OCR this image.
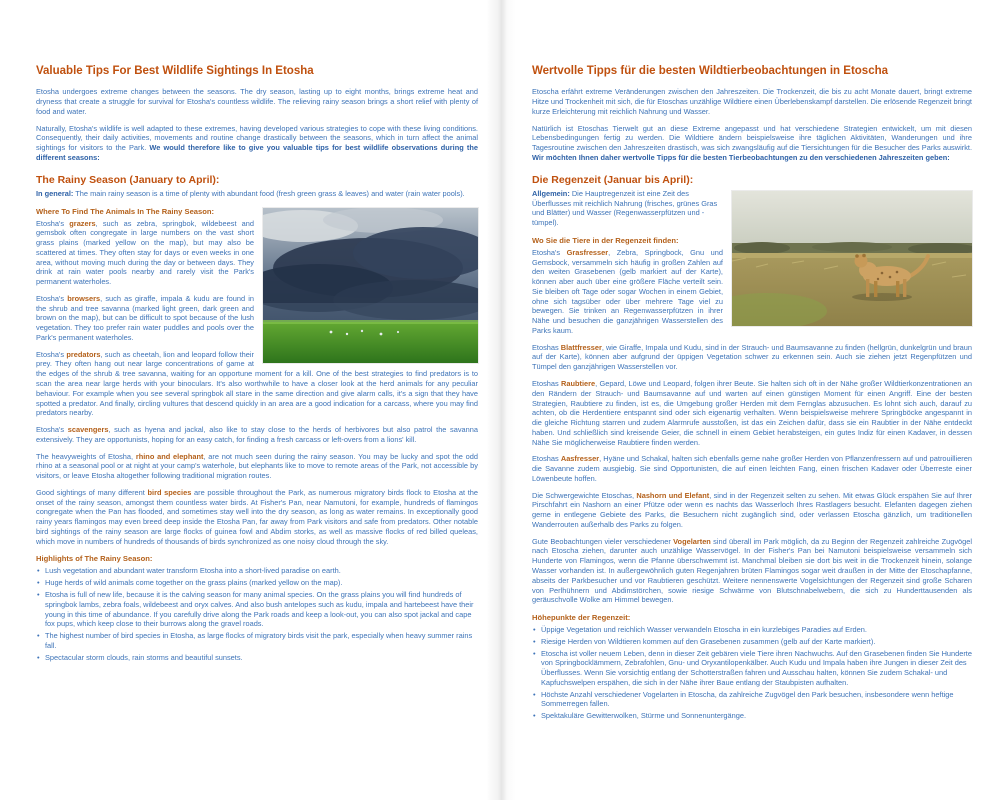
Valuable Tips For Best Wildlife Sightings In Etosha

Etosha undergoes extreme changes between the seasons. The dry season, lasting up to eight months, brings extreme heat and dryness that create a struggle for survival for Etosha's countless wildlife. The relieving rainy season brings a short relief with plenty of food and water.

Naturally, Etosha's wildlife is well adapted to these extremes, having developed various strategies to cope with these living conditions. Consequently, their daily activities, movements and routine change drastically between the seasons, which in turn affect the animal sightings for visitors to the Park. We would therefore like to give you valuable tips for best wildlife observations during the different seasons:

The Rainy Season (January to April):

In general: The main rainy season is a time of plenty with abundant food (fresh green grass & leaves) and water (rain water pools).

Where To Find The Animals In The Rainy Season:

Etosha's grazers, such as zebra, springbok, wildebeest and gemsbok often congregate in large numbers on the vast short grass plains (marked yellow on the map), but may also be scattered at times. They often stay for days or even weeks in one area, without moving much during the day or between days. They drink at rain water pools nearby and rarely visit the Park's permanent waterholes.

Etosha's browsers, such as giraffe, impala & kudu are found in the shrub and tree savanna (marked light green, dark green and brown on the map), but can be difficult to spot because of the lush vegetation. They too prefer rain water puddles and pools over the Park's permanent waterholes.

Etosha's predators, such as cheetah, lion and leopard follow their prey. They often hang out near large concentrations of game at the edges of the shrub & tree savanna, waiting for an opportune moment for a kill. One of the best strategies to find predators is to scan the area near large herds with your binoculars. It's also worthwhile to have a closer look at the herd animals for any peculiar behaviour. For example when you see several springbok all stare in the same direction and give alarm calls, it's a sign that they have spotted a predator. And finally, circling vultures that descend quickly in an area are a good indication for a carcass, where you may find predators nearby.

Etosha's scavengers, such as hyena and jackal, also like to stay close to the herds of herbivores but also patrol the savanna extensively. They are opportunists, hoping for an easy catch, for finding a fresh carcass or left-overs from a lions' kill.

The heavyweights of Etosha, rhino and elephant, are not much seen during the rainy season. You may be lucky and spot the odd rhino at a seasonal pool or at night at your camp's waterhole, but elephants like to move to remote areas of the Park, not accessible by visitors, or leave Etosha altogether following traditional migration routes.

Good sightings of many different bird species are possible throughout the Park, as numerous migratory birds flock to Etosha at the onset of the rainy season, amongst them countless water birds. At Fisher's Pan, near Namutoni, for example, hundreds of flamingos congregate when the Pan has flooded, and sometimes stay well into the dry season, as long as water remains. In exceptionally good rainy years flamingos may even breed deep inside the Etosha Pan, far away from Park visitors and safe from predators. Other notable bird sightings of the rainy season are large flocks of guinea fowl and Abdim storks, as well as massive flocks of red billed queleas, which move in numbers of hundreds of thousands of birds synchronized as one noisy cloud through the sky.

Highlights of The Rainy Season:
• Lush vegetation and abundant water transform Etosha into a short-lived paradise on earth.
• Huge herds of wild animals come together on the grass plains (marked yellow on the map).
• Etosha is full of new life, because it is the calving season for many animal species. On the grass plains you will find hundreds of springbok lambs, zebra foals, wildebeest and oryx calves. And also bush antelopes such as kudu, impala and hartebeest have their young in this time of abundance. If you carefully drive along the Park roads and keep a look-out, you can also spot jackal and cape fox pups, which keep close to their burrows along the gravel roads.
• The highest number of bird species in Etosha, as large flocks of migratory birds visit the park, especially when heavy summer rains fall.
• Spectacular storm clouds, rain storms and beautiful sunsets.
Wertvolle Tipps für die besten Wildtierbeobachtungen in Etoscha

Etoscha erfährt extreme Veränderungen zwischen den Jahreszeiten. Die Trockenzeit, die bis zu acht Monate dauert, bringt extreme Hitze und Trockenheit mit sich, die für Etoschas unzählige Wildtiere einen Überlebenskampf darstellen. Die erlösende Regenzeit bringt kurze Erleichterung mit reichlich Nahrung und Wasser.

Natürlich ist Etoschas Tierwelt gut an diese Extreme angepasst und hat verschiedene Strategien entwickelt, um mit diesen Lebensbedingungen fertig zu werden. Die Wildtiere ändern beispielsweise ihre täglichen Aktivitäten, Wanderungen und ihre Tagesroutine zwischen den Jahreszeiten drastisch, was sich zwangsläufig auf die Tiersichtungen für die Besucher des Parks auswirkt. Wir möchten Ihnen daher wertvolle Tipps für die besten Tierbeobachtungen zu den verschiedenen Jahreszeiten geben:

Die Regenzeit (Januar bis April):

Allgemein: Die Hauptregenzeit ist eine Zeit des Überflusses mit reichlich Nahrung (frisches, grünes Gras und Blätter) und Wasser (Regenwasserpfützen und -tümpel).

Wo Sie die Tiere in der Regenzeit finden:

Etosha's Grasfresser, Zebra, Springbock, Gnu und Gemsbock, versammeln sich häufig in großen Zahlen auf den weiten Grasebenen (gelb markiert auf der Karte), können aber auch über eine größere Fläche verteilt sein. Sie bleiben oft Tage oder sogar Wochen in einem Gebiet, ohne sich tagsüber oder über mehrere Tage viel zu bewegen. Sie trinken an Regenwasserpfützen in ihrer Nähe und besuchen die ganzjährigen Wasserstellen des Parks kaum.

Etoshas Blattfresser, wie Giraffe, Impala und Kudu, sind in der Strauch- und Baumsavanne zu finden (hellgrün, dunkelgrün und braun auf der Karte), können aber aufgrund der üppigen Vegetation schwer zu erkennen sein. Auch sie ziehen jetzt Regenpfützen und Tümpel den ganzjährigen Wasserstellen vor.

Etoshas Raubtiere, Gepard, Löwe und Leopard, folgen ihrer Beute. Sie halten sich oft in der Nähe großer Wildtierkonzentrationen an den Rändern der Strauch- und Baumsavanne auf und warten auf einen günstigen Moment für einen Angriff. Eine der besten Strategien, Raubtiere zu finden, ist es, die Umgebung großer Herden mit dem Fernglas abzusuchen. Es lohnt sich auch, darauf zu achten, ob die Herdentiere entspannt sind oder sich eigenartig verhalten. Wenn beispielsweise mehrere Springböcke angespannt in die gleiche Richtung starren und zudem Alarmrufe ausstoßen, ist das ein Zeichen dafür, dass sie ein Raubtier in der Nähe entdeckt haben. Und schließlich sind kreisende Geier, die schnell in einem Gebiet herabsteigen, ein gutes Indiz für einen Kadaver, in dessen Nähe Sie möglicherweise Raubtiere finden werden.

Etoshas Aasfresser, Hyäne und Schakal, halten sich ebenfalls gerne nahe großer Herden von Pflanzenfressern auf und patrouillieren die Savanne zudem ausgiebig. Sie sind Opportunisten, die auf einen leichten Fang, einen frischen Kadaver oder Überreste einer Löwenbeute hoffen.

Die Schwergewichte Etoschas, Nashorn und Elefant, sind in der Regenzeit selten zu sehen. Mit etwas Glück erspähen Sie auf Ihrer Pirschfahrt ein Nashorn an einer Pfütze oder wenn es nachts das Wasserloch Ihres Rastlagers besucht. Elefanten dagegen ziehen gerne in entlegene Gebiete des Parks, die Besuchern nicht zugänglich sind, oder verlassen Etoscha gänzlich, um traditionellen Wanderrouten außerhalb des Parks zu folgen.

Gute Beobachtungen vieler verschiedener Vogelarten sind überall im Park möglich, da zu Beginn der Regenzeit zahlreiche Zugvögel nach Etoscha ziehen, darunter auch unzählige Wasservögel. In der Fisher's Pan bei Namutoni beispielsweise versammeln sich Hunderte von Flamingos, wenn die Pfanne überschwemmt ist. Manchmal bleiben sie dort bis weit in die Trockenzeit hinein, solange Wasser vorhanden ist. In außergewöhnlich guten Regenjahren brüten Flamingos sogar weit draußen in der Mitte der Etoschapfanne, abseits der Parkbesucher und vor Raubtieren geschützt. Weitere nennenswerte Vogelsichtungen der Regenzeit sind große Scharen von Perlhühnern und Abdimstörchen, sowie riesige Schwärme von Blutschnabelwebern, die sich zu Hunderttausenden als geräuschvolle Wolke am Himmel bewegen.

Höhepunkte der Regenzeit:
• Üppige Vegetation und reichlich Wasser verwandeln Etoscha in ein kurzlebiges Paradies auf Erden.
• Riesige Herden von Wildtieren kommen auf den Grasebenen zusammen (gelb auf der Karte markiert).
• Etoscha ist voller neuem Leben, denn in dieser Zeit gebären viele Tiere ihren Nachwuchs. Auf den Grasebenen finden Sie Hunderte von Springbocklämmern, Zebrafohlen, Gnu- und Oryxantilopenkälber. Auch Kudu und Impala haben ihre Jungen in dieser Zeit des Überflusses. Wenn Sie vorsichtig entlang der Schotterstraßen fahren und Ausschau halten, können Sie zudem Schakal- und Kapfuchswelpen erspähen, die sich in der Nähe ihrer Baue entlang der Staubpisten aufhalten.
• Höchste Anzahl verschiedener Vogelarten in Etoscha, da zahlreiche Zugvögel den Park besuchen, insbesondere wenn heftige Sommerregen fallen.
• Spektakuläre Gewitterwolken, Stürme und Sonnenuntergänge.
